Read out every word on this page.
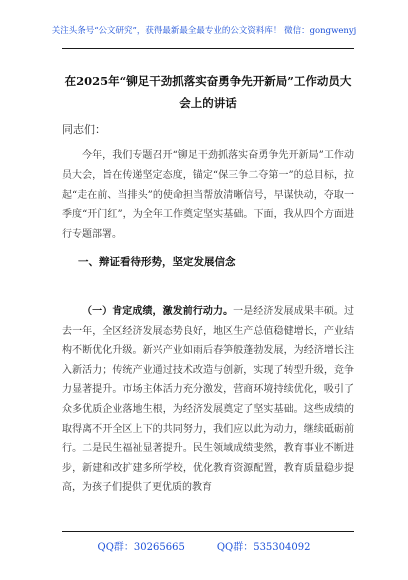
关注头条号“公文研究”，获得最新最全最专业的公文资料库！ 微信：gongwenyj
在2025年“铆足干劲抓落实奋勇争先开新局”工作动员大会上的讲话
同志们：

今年，我们专题召开“铆足干劲抓落实奋勇争先开新局”工作动员大会，旨在传递坚定态度，锚定“保三争二夺第一”的总目标，拉起“走在前、当排头”的使命担当帮放清晰信号，早谋快动，夺取一季度“开门红”，为全年工作奠定坚实基础。下面，我从四个方面进行专题部署。

一、辩证看待形势，坚定发展信念

（一）肯定成绩，激发前行动力。一是经济发展成果丰硕。过去一年，全区经济发展态势良好，地区生产总值稳健增长，产业结构不断优化升级。新兴产业如雨后春笋般蓬勃发展，为经济增长注入新活力；传统产业通过技术改造与创新，实现了转型升级，竞争力显著提升。市场主体活力充分激发，营商环境持续优化，吸引了众多优质企业落地生根，为经济发展奠定了坚实基础。这些成绩的取得离不开全区上下的共同努力，我们应以此为动力，继续砥砺前行。二是民生福祉显著提升。民生领域成绩斐然，教育事业不断进步，新建和改扩建多所学校，优化教育资源配置，教育质量稳步提高，为孩子们提供了更优质的教育

QQ群：30265665	QQ群：535304092
